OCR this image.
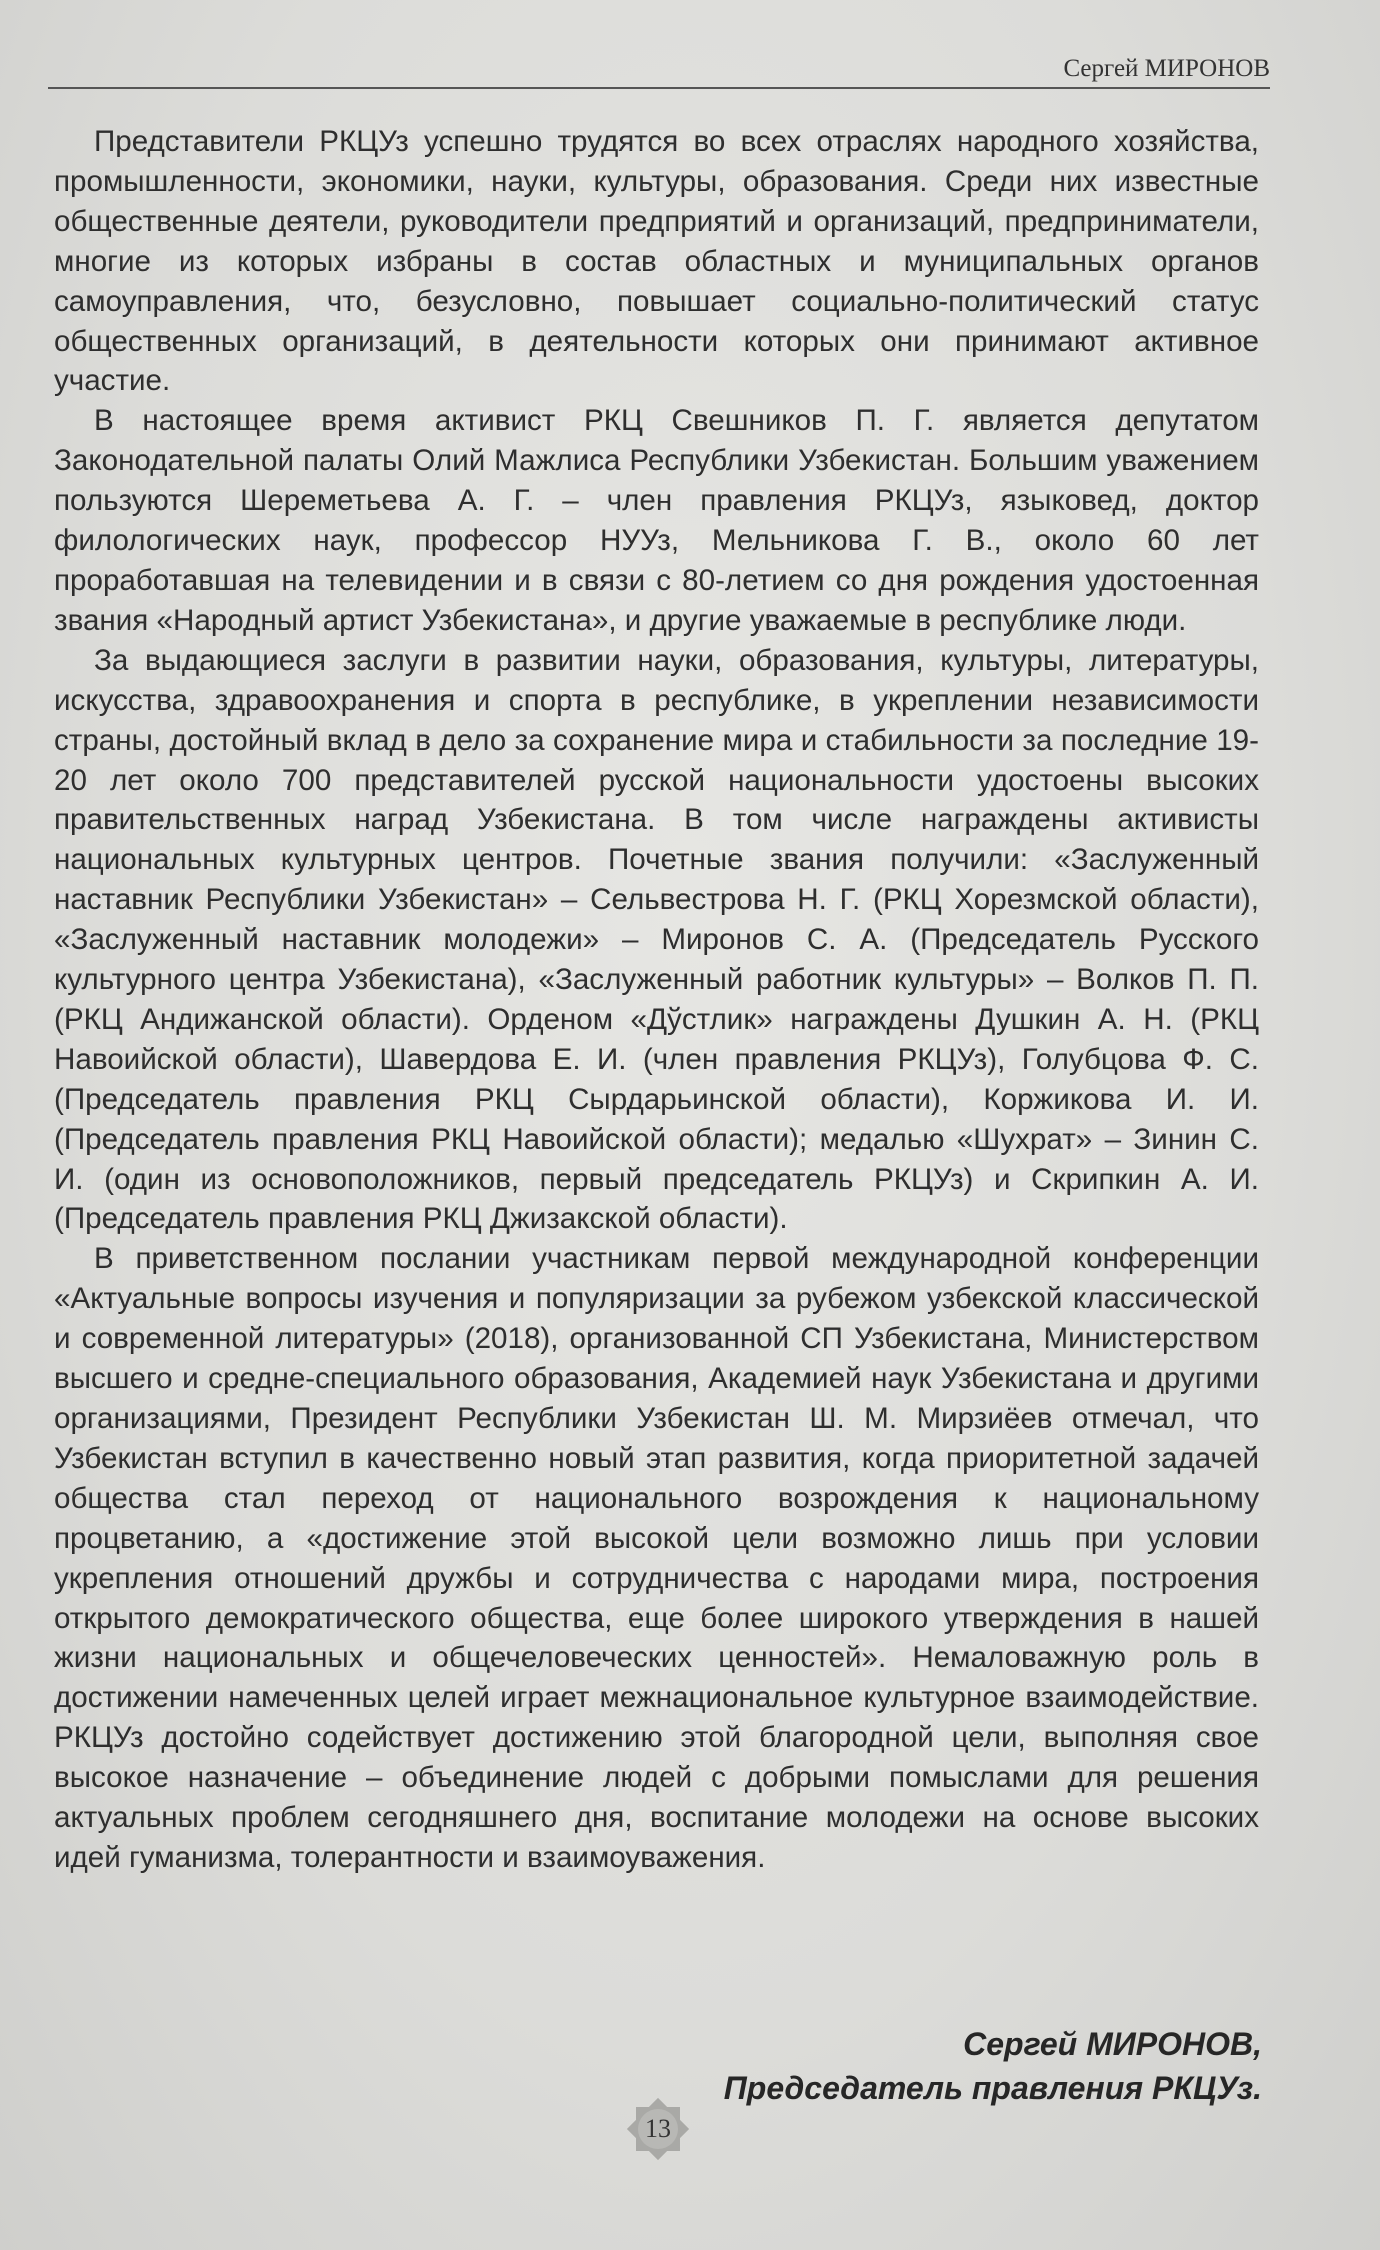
Сергей МИРОНОВ

Представители РКЦУз успешно трудятся во всех отраслях народного хозяйства, промышленности, экономики, науки, культуры, образования. Среди них известные общественные деятели, руководители предприятий и организаций, предприниматели, многие из которых избраны в состав областных и муниципальных органов самоуправления, что, безусловно, повышает социально-политический статус общественных организаций, в деятельности которых они принимают активное участие.

В настоящее время активист РКЦ Свешников П. Г. является депутатом Законодательной палаты Олий Мажлиса Республики Узбекистан. Большим уважением пользуются Шереметьева А. Г. – член правления РКЦУз, языковед, доктор филологических наук, профессор НУУз, Мельникова Г. В., около 60 лет проработавшая на телевидении и в связи с 80-летием со дня рождения удостоенная звания «Народный артист Узбекистана», и другие уважаемые в республике люди.

За выдающиеся заслуги в развитии науки, образования, культуры, литературы, искусства, здравоохранения и спорта в республике, в укреплении независимости страны, достойный вклад в дело за сохранение мира и стабильности за последние 19-20 лет около 700 представителей русской национальности удостоены высоких правительственных наград Узбекистана. В том числе награждены активисты национальных культурных центров. Почетные звания получили: «Заслуженный наставник Республики Узбекистан» – Сельвестрова Н. Г. (РКЦ Хорезмской области), «Заслуженный наставник молодежи» – Миронов С. А. (Председатель Русского культурного центра Узбекистана), «Заслуженный работник культуры» – Волков П. П. (РКЦ Андижанской области). Орденом «Дўстлик» награждены Душкин А. Н. (РКЦ Навоийской области), Шавердова Е. И. (член правления РКЦУз), Голубцова Ф. С. (Председатель правления РКЦ Сырдарьинской области), Коржикова И. И. (Председатель правления РКЦ Навоийской области); медалью «Шухрат» – Зинин С. И. (один из основоположников, первый председатель РКЦУз) и Скрипкин А. И. (Председатель правления РКЦ Джизакской области).

В приветственном послании участникам первой международной конференции «Актуальные вопросы изучения и популяризации за рубежом узбекской классической и современной литературы» (2018), организованной СП Узбекистана, Министерством высшего и средне-специального образования, Академией наук Узбекистана и другими организациями, Президент Республики Узбекистан Ш. М. Мирзиёев отмечал, что Узбекистан вступил в качественно новый этап развития, когда приоритетной задачей общества стал переход от национального возрождения к национальному процветанию, а «достижение этой высокой цели возможно лишь при условии укрепления отношений дружбы и сотрудничества с народами мира, построения открытого демократического общества, еще более широкого утверждения в нашей жизни национальных и общечеловеческих ценностей». Немаловажную роль в достижении намеченных целей играет межнациональное культурное взаимодействие. РКЦУз достойно содействует достижению этой благородной цели, выполняя свое высокое назначение – объединение людей с добрыми помыслами для решения актуальных проблем сегодняшнего дня, воспитание молодежи на основе высоких идей гуманизма, толерантности и взаимоуважения.

Сергей МИРОНОВ,
Председатель правления РКЦУз.
13
